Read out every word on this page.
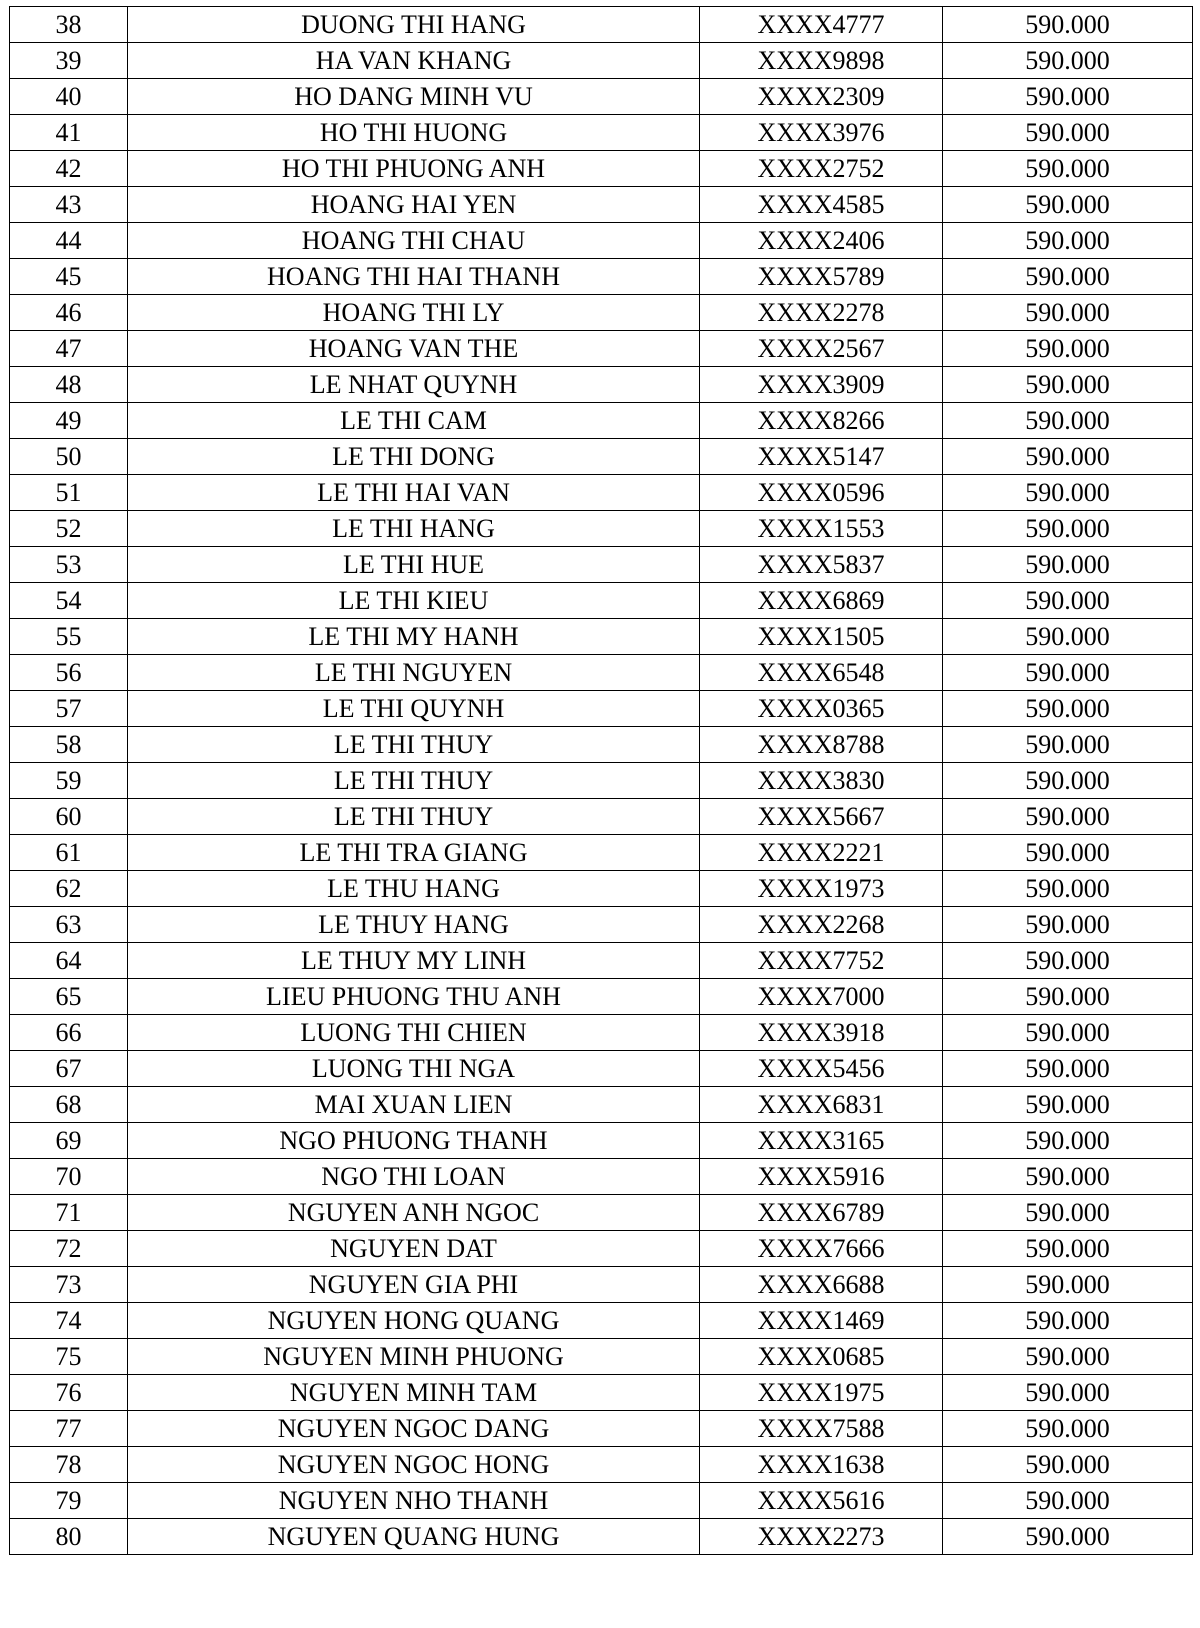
38	DUONG THI HANG	XXXX4777	590.000
39	HA VAN KHANG	XXXX9898	590.000
40	HO DANG MINH VU	XXXX2309	590.000
41	HO THI HUONG	XXXX3976	590.000
42	HO THI PHUONG ANH	XXXX2752	590.000
43	HOANG HAI YEN	XXXX4585	590.000
44	HOANG THI CHAU	XXXX2406	590.000
45	HOANG THI HAI THANH	XXXX5789	590.000
46	HOANG THI LY	XXXX2278	590.000
47	HOANG VAN THE	XXXX2567	590.000
48	LE NHAT QUYNH	XXXX3909	590.000
49	LE THI CAM	XXXX8266	590.000
50	LE THI DONG	XXXX5147	590.000
51	LE THI HAI VAN	XXXX0596	590.000
52	LE THI HANG	XXXX1553	590.000
53	LE THI HUE	XXXX5837	590.000
54	LE THI KIEU	XXXX6869	590.000
55	LE THI MY HANH	XXXX1505	590.000
56	LE THI NGUYEN	XXXX6548	590.000
57	LE THI QUYNH	XXXX0365	590.000
58	LE THI THUY	XXXX8788	590.000
59	LE THI THUY	XXXX3830	590.000
60	LE THI THUY	XXXX5667	590.000
61	LE THI TRA GIANG	XXXX2221	590.000
62	LE THU HANG	XXXX1973	590.000
63	LE THUY HANG	XXXX2268	590.000
64	LE THUY MY LINH	XXXX7752	590.000
65	LIEU PHUONG THU ANH	XXXX7000	590.000
66	LUONG THI CHIEN	XXXX3918	590.000
67	LUONG THI NGA	XXXX5456	590.000
68	MAI XUAN LIEN	XXXX6831	590.000
69	NGO PHUONG THANH	XXXX3165	590.000
70	NGO THI LOAN	XXXX5916	590.000
71	NGUYEN ANH NGOC	XXXX6789	590.000
72	NGUYEN DAT	XXXX7666	590.000
73	NGUYEN GIA PHI	XXXX6688	590.000
74	NGUYEN HONG QUANG	XXXX1469	590.000
75	NGUYEN MINH PHUONG	XXXX0685	590.000
76	NGUYEN MINH TAM	XXXX1975	590.000
77	NGUYEN NGOC DANG	XXXX7588	590.000
78	NGUYEN NGOC HONG	XXXX1638	590.000
79	NGUYEN NHO THANH	XXXX5616	590.000
80	NGUYEN QUANG HUNG	XXXX2273	590.000
